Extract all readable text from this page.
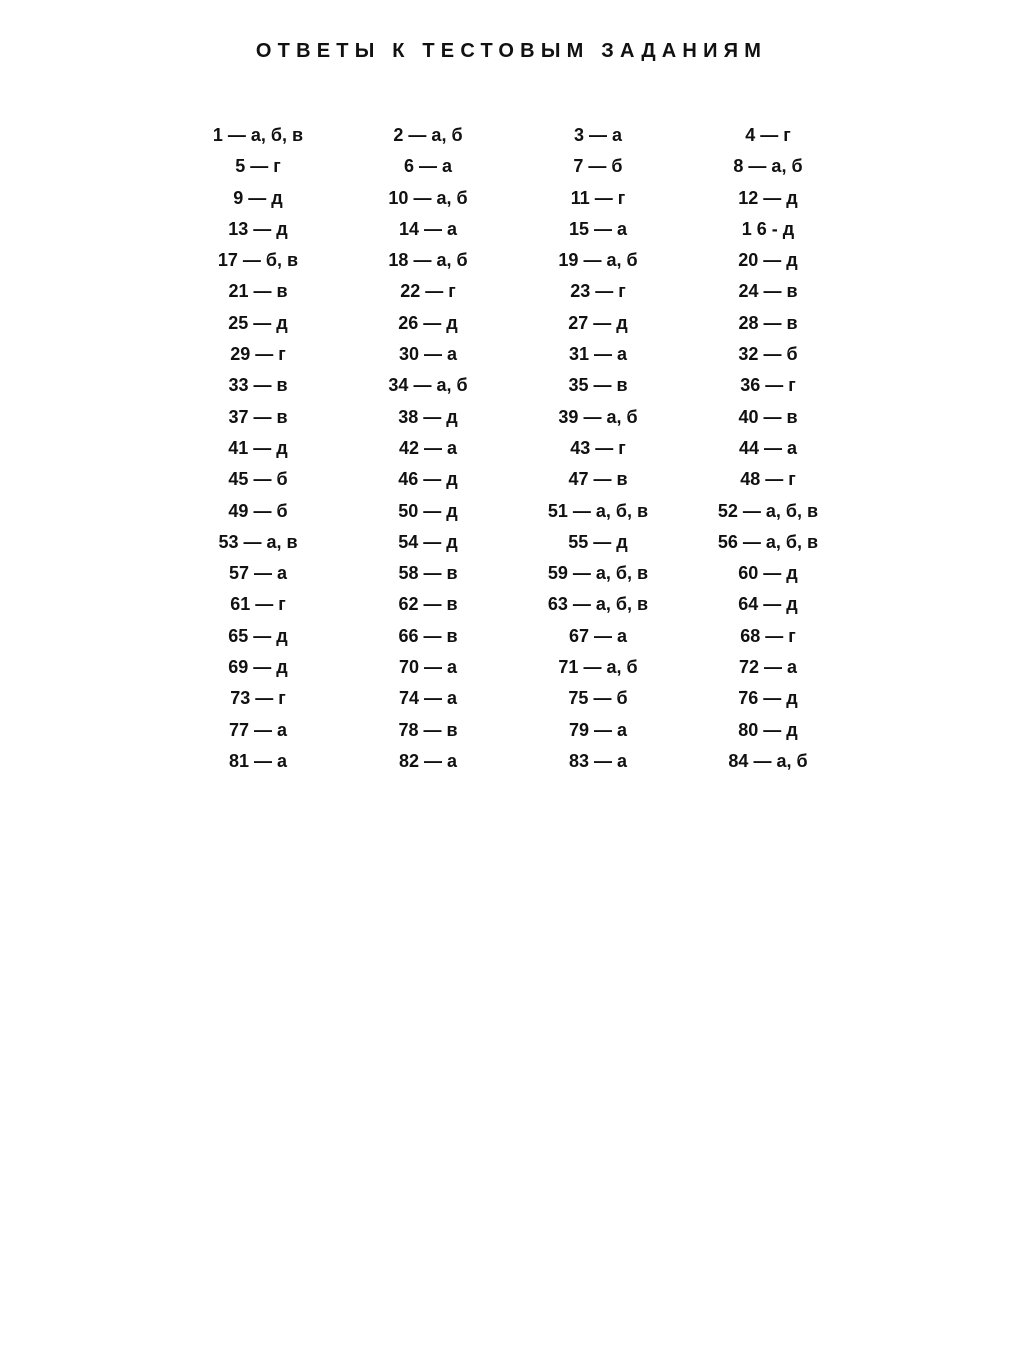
ОТВЕТЫ К ТЕСТОВЫМ ЗАДАНИЯМ
1 — а, б, в	2 — а, б	3 — а	4 — г
5 — г	6 — а	7 — б	8 — а, б
9 — д	10 — а, б	11 — г	12 — д
13 — д	14 — а	15 — а	1 6 - д
17 — б, в	18 — а, б	19 — а, б	20 — д
21 — в	22 — г	23 — г	24 — в
25 — д	26 — д	27 — д	28 — в
29 — г	30 — а	31 — а	32 — б
33 — в	34 — а, б	35 — в	36 — г
37 — в	38 — д	39 — а, б	40 — в
41 — д	42 — а	43 — г	44 — а
45 — б	46 — д	47 — в	48 — г
49 — б	50 — д	51 — а, б, в	52 — а, б, в
53 — а, в	54 — д	55 — д	56 — а, б, в
57 — а	58 — в	59 — а, б, в	60 — д
61 — г	62 — в	63 — а, б, в	64 — д
65 — д	66 — в	67 — а	68 — г
69 — д	70 — а	71 — а, б	72 — а
73 — г	74 — а	75 — б	76 — д
77 — а	78 — в	79 — а	80 — д
81 — а	82 — а	83 — а	84 — а, б
